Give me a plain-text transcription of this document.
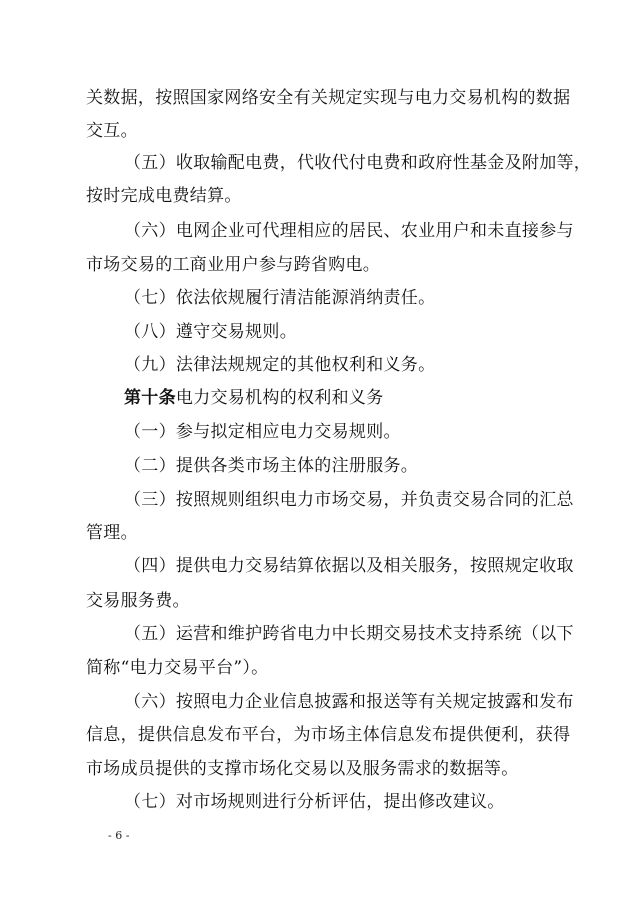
关数据，按照国家网络安全有关规定实现与电力交易机构的数据
交互。
（五）收取输配电费，代收代付电费和政府性基金及附加等，
按时完成电费结算。
（六）电网企业可代理相应的居民、农业用户和未直接参与
市场交易的工商业用户参与跨省购电。
（七）依法依规履行清洁能源消纳责任。
（八）遵守交易规则。
（九）法律法规规定的其他权利和义务。
第十条电力交易机构的权利和义务
（一）参与拟定相应电力交易规则。
（二）提供各类市场主体的注册服务。
（三）按照规则组织电力市场交易，并负责交易合同的汇总
管理。
（四）提供电力交易结算依据以及相关服务，按照规定收取
交易服务费。
（五）运营和维护跨省电力中长期交易技术支持系统（以下
简称“电力交易平台”）。
（六）按照电力企业信息披露和报送等有关规定披露和发布
信息，提供信息发布平台，为市场主体信息发布提供便利，获得
市场成员提供的支撑市场化交易以及服务需求的数据等。
（七）对市场规则进行分析评估，提出修改建议。
- 6 -
